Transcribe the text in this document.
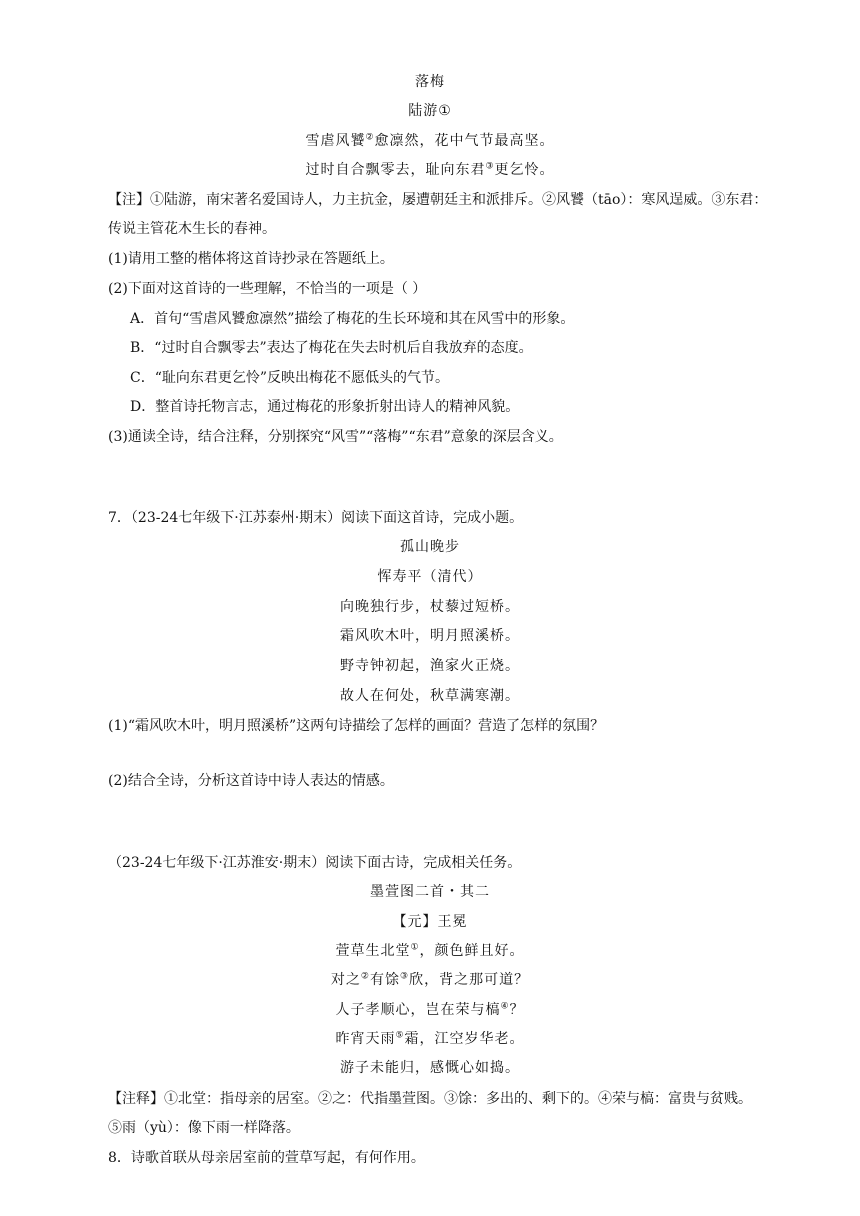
落梅
陆游①
雪虐风饕②愈凛然，花中气节最高坚。
过时自合飘零去，耻向东君③更乞怜。
【注】①陆游，南宋著名爱国诗人，力主抗金，屡遭朝廷主和派排斥。②风饕（tāo）：寒风逞威。③东君：
传说主管花木生长的春神。
(1)请用工整的楷体将这首诗抄录在答题纸上。
(2)下面对这首诗的一些理解，不恰当的一项是（ ）
A．首句“雪虐风饕愈凛然”描绘了梅花的生长环境和其在风雪中的形象。
B．“过时自合飘零去”表达了梅花在失去时机后自我放弃的态度。
C．“耻向东君更乞怜”反映出梅花不愿低头的气节。
D．整首诗托物言志，通过梅花的形象折射出诗人的精神风貌。
(3)通读全诗，结合注释，分别探究“风雪”“落梅”“东君”意象的深层含义。
7．（23-24七年级下·江苏泰州·期末）阅读下面这首诗，完成小题。
孤山晚步
恽寿平（清代）
向晚独行步，杖藜过短桥。
霜风吹木叶，明月照溪桥。
野寺钟初起，渔家火正烧。
故人在何处，秋草满寒潮。
(1)“霜风吹木叶，明月照溪桥”这两句诗描绘了怎样的画面？营造了怎样的氛围？
(2)结合全诗，分析这首诗中诗人表达的情感。
（23-24七年级下·江苏淮安·期末）阅读下面古诗，完成相关任务。
墨萱图二首・其二
【元】王冕
萱草生北堂①，颜色鲜且好。
对之②有馀③欣，背之那可道？
人子孝顺心，岂在荣与槁④？
昨宵天雨⑤霜，江空岁华老。
游子未能归，感慨心如捣。
【注释】①北堂：指母亲的居室。②之：代指墨萱图。③馀：多出的、剩下的。④荣与槁：富贵与贫贱。
⑤雨（yù）：像下雨一样降落。
8．诗歌首联从母亲居室前的萱草写起，有何作用。
